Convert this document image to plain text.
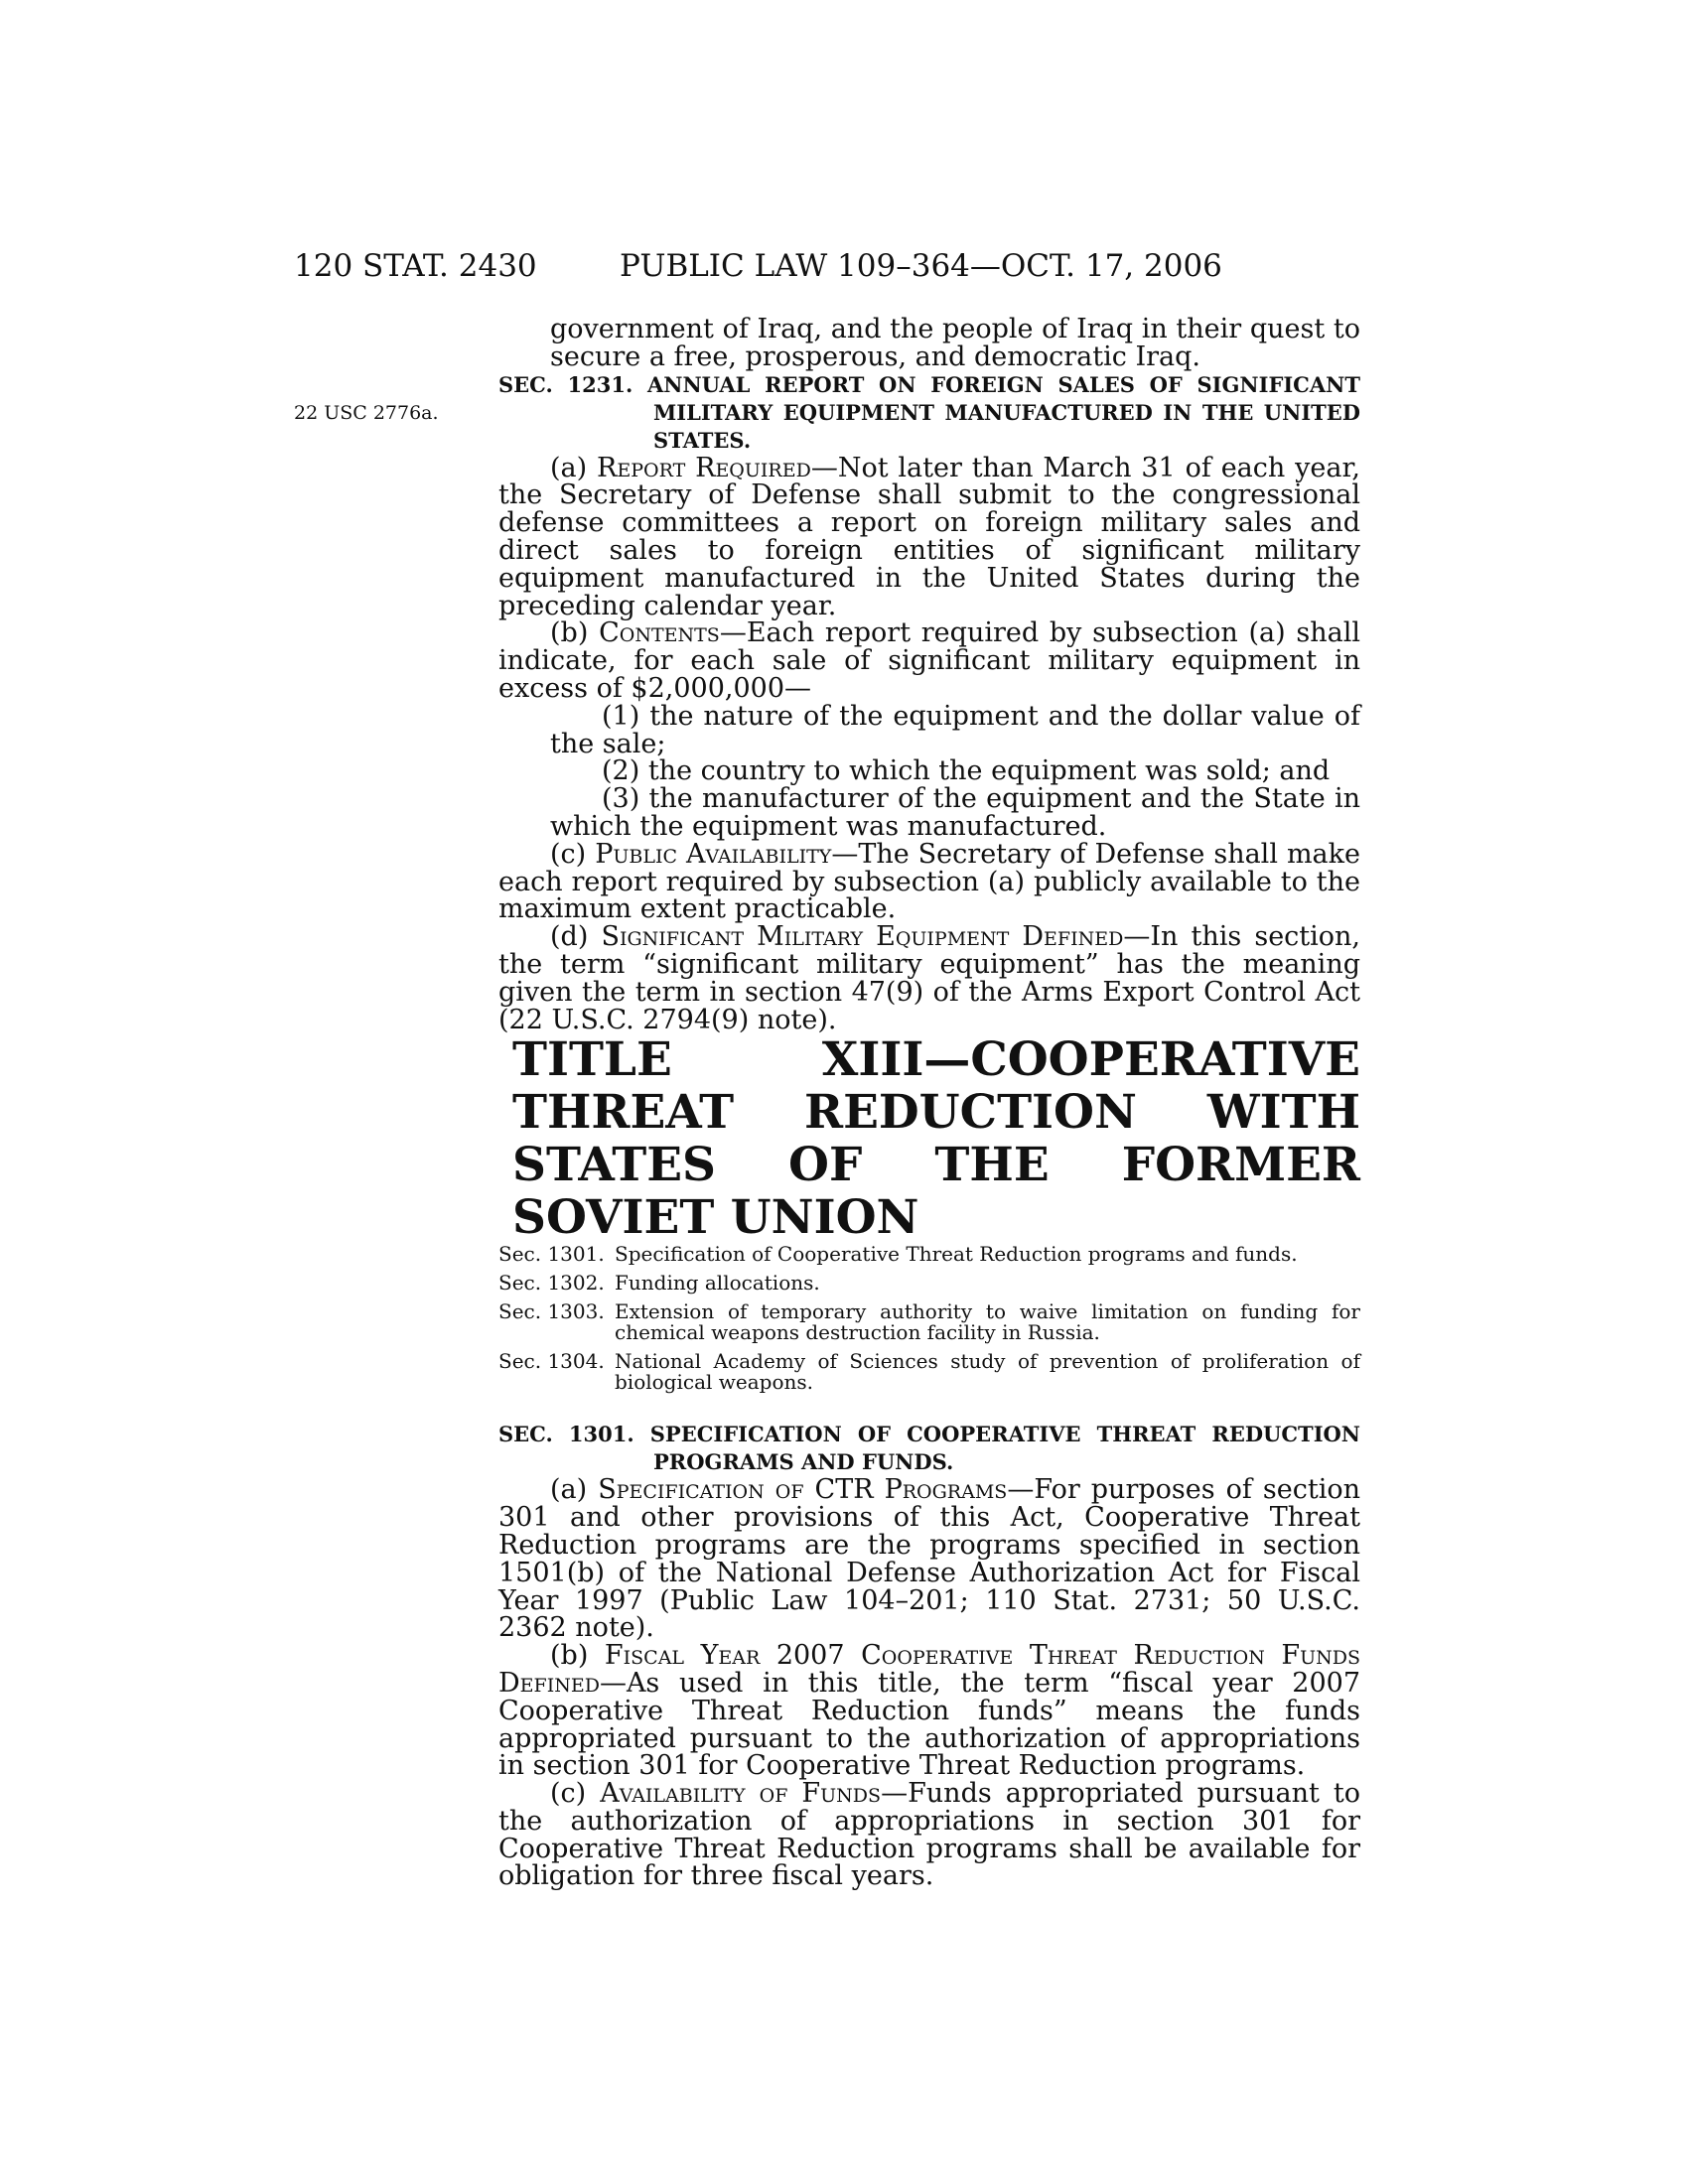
120 STAT. 2430	PUBLIC LAW 109–364—OCT. 17, 2006
22 USC 2776a.

government of Iraq, and the people of Iraq in their quest to secure a free, prosperous, and democratic Iraq.

SEC. 1231. ANNUAL REPORT ON FOREIGN SALES OF SIGNIFICANT MILITARY EQUIPMENT MANUFACTURED IN THE UNITED STATES.

(a) Report Required—Not later than March 31 of each year, the Secretary of Defense shall submit to the congressional defense committees a report on foreign military sales and direct sales to foreign entities of significant military equipment manufactured in the United States during the preceding calendar year.

(b) Contents—Each report required by subsection (a) shall indicate, for each sale of significant military equipment in excess of $2,000,000—

(1) the nature of the equipment and the dollar value of the sale;

(2) the country to which the equipment was sold; and

(3) the manufacturer of the equipment and the State in which the equipment was manufactured.

(c) Public Availability—The Secretary of Defense shall make each report required by subsection (a) publicly available to the maximum extent practicable.

(d) Significant Military Equipment Defined—In this section, the term “significant military equipment” has the meaning given the term in section 47(9) of the Arms Export Control Act (22 U.S.C. 2794(9) note).

TITLE XIII—COOPERATIVE THREAT REDUCTION WITH STATES OF THE FORMER SOVIET UNION

Sec. 1301. Specification of Cooperative Threat Reduction programs and funds.
Sec. 1302. Funding allocations.
Sec. 1303. Extension of temporary authority to waive limitation on funding for chemical weapons destruction facility in Russia.
Sec. 1304. National Academy of Sciences study of prevention of proliferation of biological weapons.

SEC. 1301. SPECIFICATION OF COOPERATIVE THREAT REDUCTION PROGRAMS AND FUNDS.

(a) Specification of CTR Programs—For purposes of section 301 and other provisions of this Act, Cooperative Threat Reduction programs are the programs specified in section 1501(b) of the National Defense Authorization Act for Fiscal Year 1997 (Public Law 104–201; 110 Stat. 2731; 50 U.S.C. 2362 note).

(b) Fiscal Year 2007 Cooperative Threat Reduction Funds Defined—As used in this title, the term “fiscal year 2007 Cooperative Threat Reduction funds” means the funds appropriated pursuant to the authorization of appropriations in section 301 for Cooperative Threat Reduction programs.

(c) Availability of Funds—Funds appropriated pursuant to the authorization of appropriations in section 301 for Cooperative Threat Reduction programs shall be available for obligation for three fiscal years.
